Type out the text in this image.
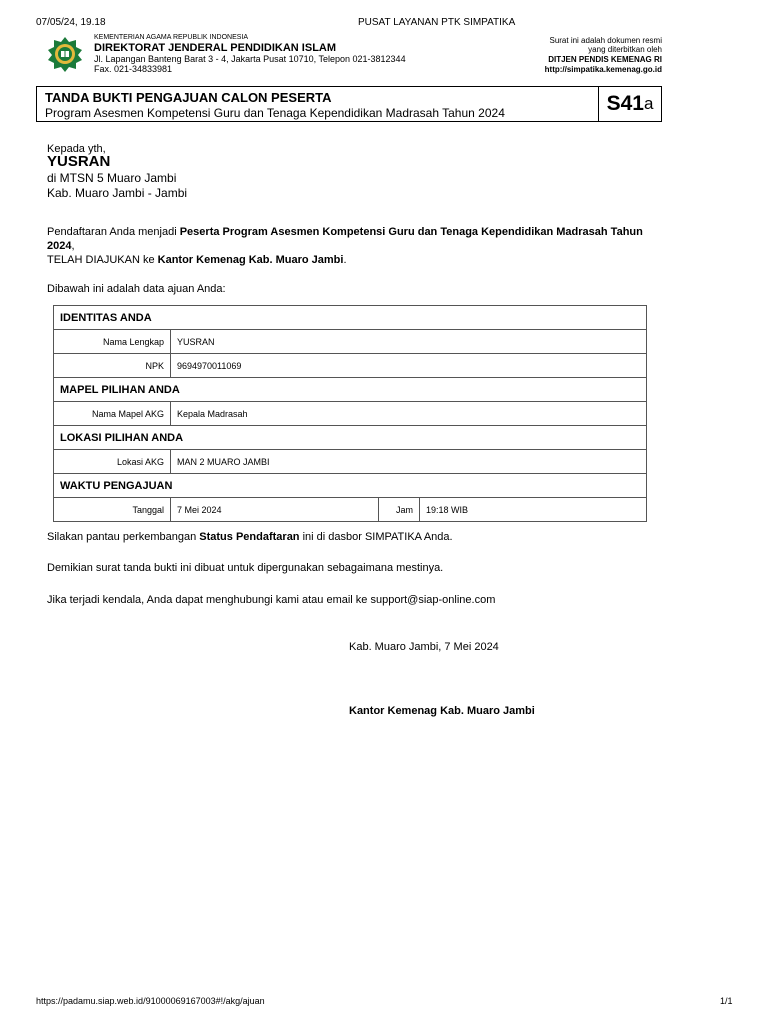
07/05/24, 19.18	PUSAT LAYANAN PTK SIMPATIKA
KEMENTERIAN AGAMA REPUBLIK INDONESIA
DIREKTORAT JENDERAL PENDIDIKAN ISLAM
Jl. Lapangan Banteng Barat 3 - 4, Jakarta Pusat 10710, Telepon 021-3812344
Fax. 021-34833981
Surat ini adalah dokumen resmi
yang diterbitkan oleh
DITJEN PENDIS KEMENAG RI
http://simpatika.kemenag.go.id
TANDA BUKTI PENGAJUAN CALON PESERTA
Program Asesmen Kompetensi Guru dan Tenaga Kependidikan Madrasah Tahun 2024	S41 a
Kepada yth,
YUSRAN
di MTSN 5 Muaro Jambi
Kab. Muaro Jambi - Jambi
Pendaftaran Anda menjadi Peserta Program Asesmen Kompetensi Guru dan Tenaga Kependidikan Madrasah Tahun 2024,
TELAH DIAJUKAN ke Kantor Kemenag Kab. Muaro Jambi.
Dibawah ini adalah data ajuan Anda:
IDENTITAS ANDA			
Nama Lengkap	YUSRAN		
NPK	9694970011069		
MAPEL PILIHAN ANDA			
Nama Mapel AKG	Kepala Madrasah		
LOKASI PILIHAN ANDA			
Lokasi AKG	MAN 2 MUARO JAMBI		
WAKTU PENGAJUAN			
Tanggal	7 Mei 2024	Jam	19:18 WIB
Silakan pantau perkembangan Status Pendaftaran ini di dasbor SIMPATIKA Anda.
Demikian surat tanda bukti ini dibuat untuk dipergunakan sebagaimana mestinya.
Jika terjadi kendala, Anda dapat menghubungi kami atau email ke support@siap-online.com
Kab. Muaro Jambi, 7 Mei 2024
Kantor Kemenag Kab. Muaro Jambi
https://padamu.siap.web.id/91000069167003#!/akg/ajuan	1/1
